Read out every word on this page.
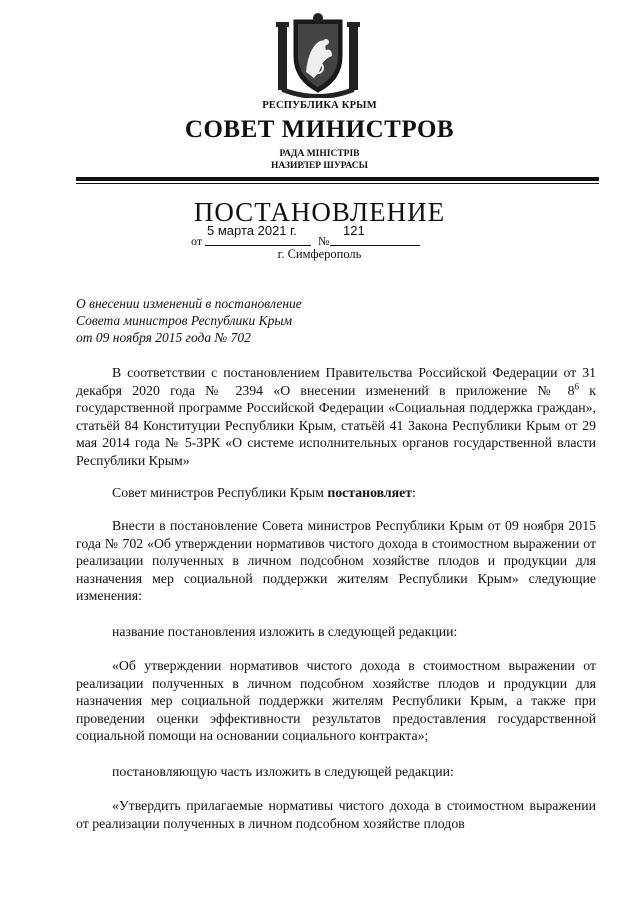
РЕСПУБЛИКА КРЫМ
СОВЕТ МИНИСТРОВ
РАДА МІНІСТРІВ
НАЗИРЛЕР ШУРАСЫ
ПОСТАНОВЛЕНИЕ
от
5 марта 2021 г.
№
121
г. Симферополь
О внесении изменений в постановление
Совета министров Республики Крым
от 09 ноября 2015 года № 702
В соответствии с постановлением Правительства Российской Федерации от 31 декабря 2020 года № 2394 «О внесении изменений в приложение № $8^6$ к государственной программе Российской Федерации «Социальная поддержка граждан», статьёй 84 Конституции Республики Крым, статьёй 41 Закона Республики Крым от 29 мая 2014 года № 5-ЗРК «О системе исполнительных органов государственной власти Республики Крым»
Совет министров Республики Крым постановляет:
Внести в постановление Совета министров Республики Крым от 09 ноября 2015 года № 702 «Об утверждении нормативов чистого дохода в стоимостном выражении от реализации полученных в личном подсобном хозяйстве плодов и продукции для назначения мер социальной поддержки жителям Республики Крым» следующие изменения:
название постановления изложить в следующей редакции:
«Об утверждении нормативов чистого дохода в стоимостном выражении от реализации полученных в личном подсобном хозяйстве плодов и продукции для назначения мер социальной поддержки жителям Республики Крым, а также при проведении оценки эффективности результатов предоставления государственной социальной помощи на основании социального контракта»;
постановляющую часть изложить в следующей редакции:
«Утвердить прилагаемые нормативы чистого дохода в стоимостном выражении от реализации полученных в личном подсобном хозяйстве плодов
